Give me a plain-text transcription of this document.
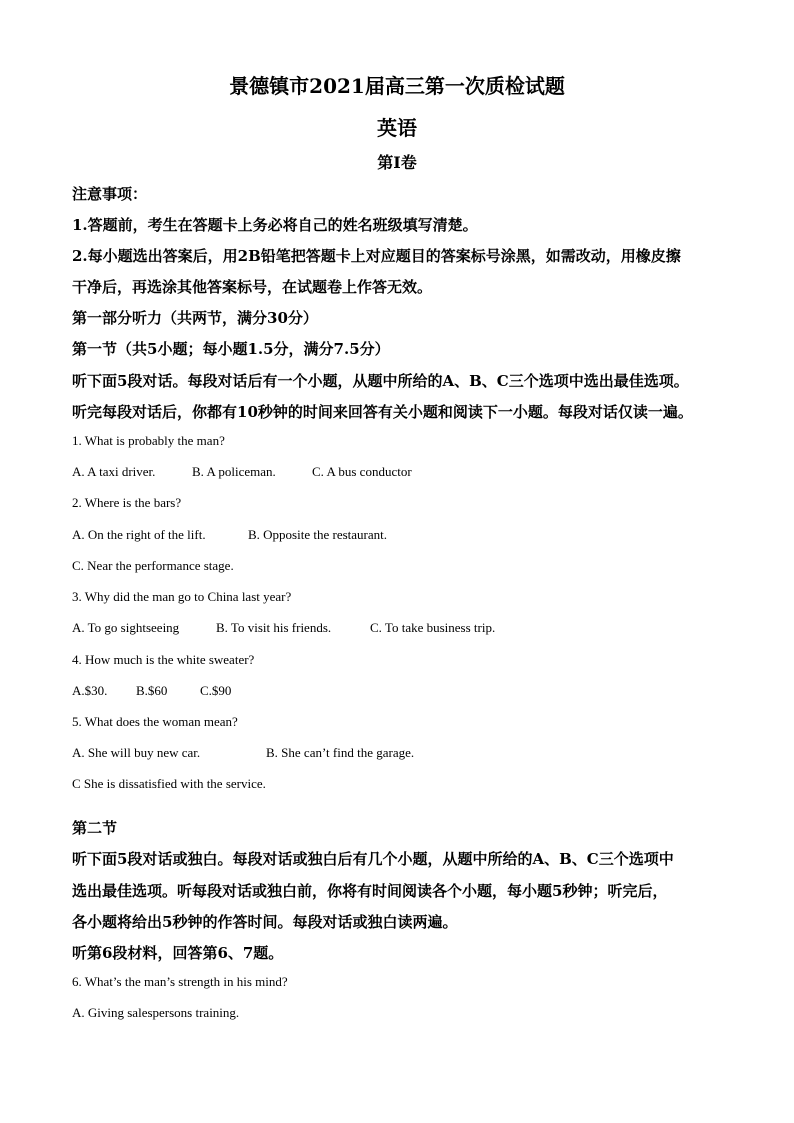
景德镇市2021届高三第一次质检试题
英语
第I卷
注意事项：
1.答题前，考生在答题卡上务必将自己的姓名班级填写清楚。
2.每小题选出答案后，用2B铅笔把答题卡上对应题目的答案标号涂黑，如需改动，用橡皮擦
干净后，再选涂其他答案标号，在试题卷上作答无效。
第一部分听力（共两节，满分30分）
第一节（共5小题；每小题1.5分，满分7.5分）
听下面5段对话。每段对话后有一个小题，从题中所给的A、B、C三个选项中选出最佳选项。
听完每段对话后，你都有10秒钟的时间来回答有关小题和阅读下一小题。每段对话仅读一遍。
1. What is probably the man?
A. A taxi driver.	B. A policeman.	C. A bus conductor
2. Where is the bars?
A. On the right of the lift.	B. Opposite the restaurant.
C. Near the performance stage.
3. Why did the man go to China last year?
A. To go sightseeing	B. To visit his friends.	C. To take business trip.
4. How much is the white sweater?
A.$30. B.$60	C.$90
5. What does the woman mean?
A. She will buy new car.	B. She can’t find the garage.
C She is dissatisfied with the service.
第二节
听下面5段对话或独白。每段对话或独白后有几个小题，从题中所给的A、B、C三个选项中
选出最佳选项。听每段对话或独白前，你将有时间阅读各个小题，每小题5秒钟；听完后，
各小题将给出5秒钟的作答时间。每段对话或独白读两遍。
听第6段材料，回答第6、7题。
6. What’s the man’s strength in his mind?
A. Giving salespersons training.
